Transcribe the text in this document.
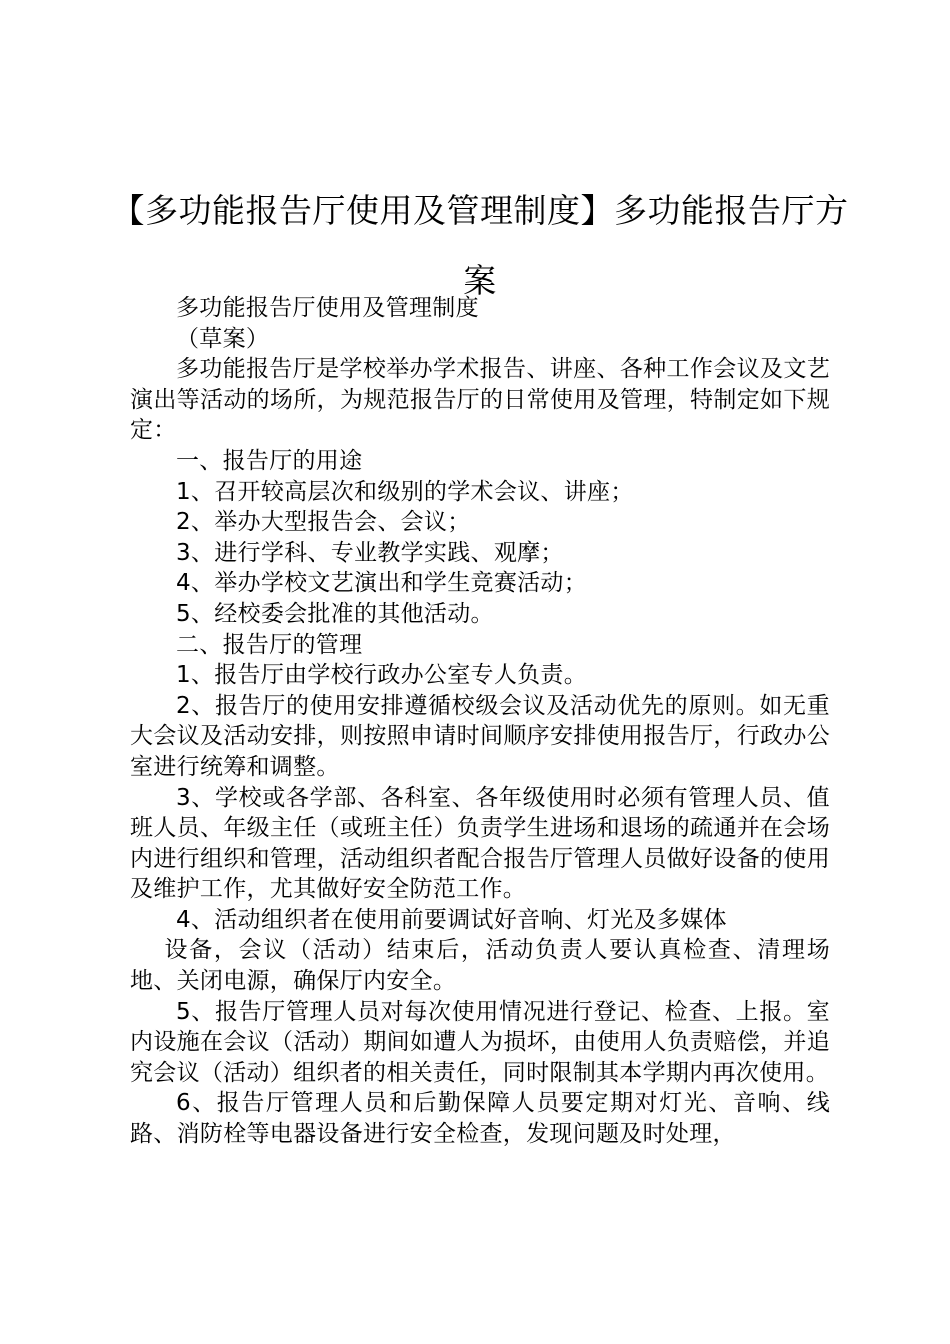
【多功能报告厅使用及管理制度】多功能报告厅方案

多功能报告厅使用及管理制度

（草案）

多功能报告厅是学校举办学术报告、讲座、各种工作会议及文艺演出等活动的场所，为规范报告厅的日常使用及管理，特制定如下规定：

一、报告厅的用途

1、召开较高层次和级别的学术会议、讲座；

2、举办大型报告会、会议；

3、进行学科、专业教学实践、观摩；

4、举办学校文艺演出和学生竞赛活动；

5、经校委会批准的其他活动。

二、报告厅的管理

1、报告厅由学校行政办公室专人负责。

2、报告厅的使用安排遵循校级会议及活动优先的原则。如无重大会议及活动安排，则按照申请时间顺序安排使用报告厅，行政办公室进行统筹和调整。

3、学校或各学部、各科室、各年级使用时必须有管理人员、值班人员、年级主任（或班主任）负责学生进场和退场的疏通并在会场内进行组织和管理，活动组织者配合报告厅管理人员做好设备的使用及维护工作，尤其做好安全防范工作。

4、活动组织者在使用前要调试好音响、灯光及多媒体

设备，会议（活动）结束后，活动负责人要认真检查、清理场地、关闭电源，确保厅内安全。

5、报告厅管理人员对每次使用情况进行登记、检查、上报。室内设施在会议（活动）期间如遭人为损坏，由使用人负责赔偿，并追究会议（活动）组织者的相关责任，同时限制其本学期内再次使用。

6、报告厅管理人员和后勤保障人员要定期对灯光、音响、线路、消防栓等电器设备进行安全检查，发现问题及时处理，
